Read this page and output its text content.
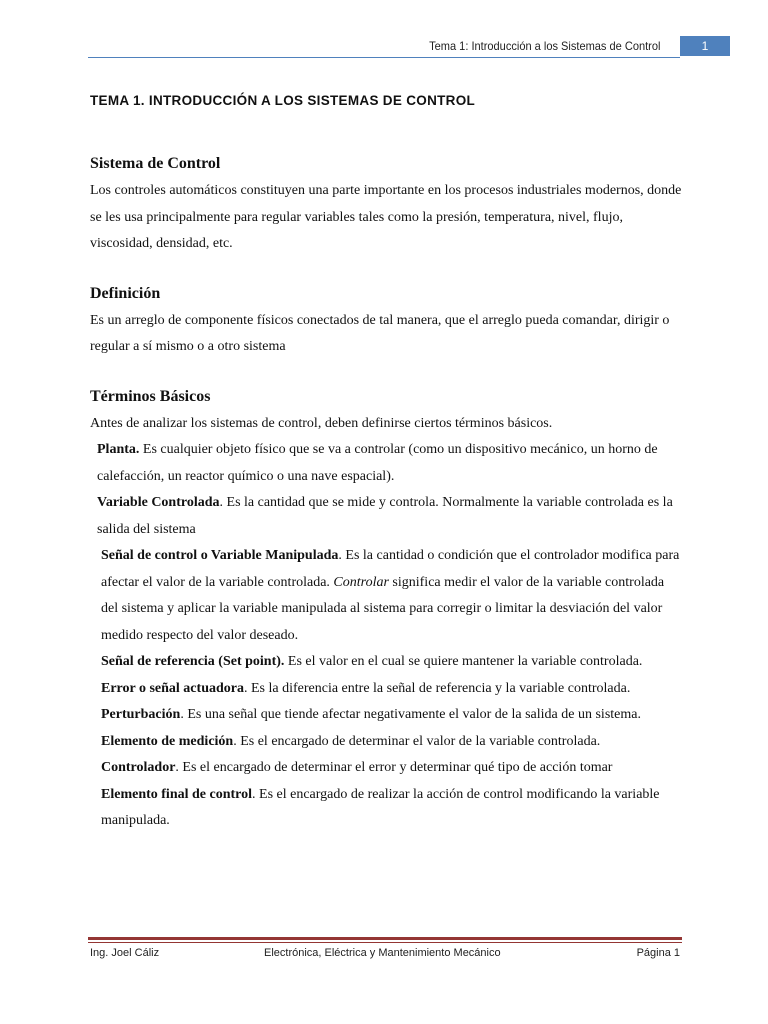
Tema 1: Introducción a los Sistemas de Control	1
TEMA 1. INTRODUCCIÓN A LOS SISTEMAS DE CONTROL
Sistema de Control

Los controles automáticos constituyen una parte importante en los procesos industriales modernos, donde se les usa principalmente para regular variables tales como la presión, temperatura, nivel, flujo, viscosidad, densidad, etc.

Definición

Es un arreglo de componente físicos conectados de tal manera, que el arreglo pueda comandar, dirigir o regular a sí mismo o a otro sistema

Términos Básicos

Antes de analizar los sistemas de control, deben definirse ciertos términos básicos.

Planta. Es cualquier objeto físico que se va a controlar (como un dispositivo mecánico, un horno de calefacción, un reactor químico o una nave espacial).

Variable Controlada. Es la cantidad que se mide y controla. Normalmente la variable controlada es la salida del sistema

Señal de control o Variable Manipulada. Es la cantidad o condición que el controlador modifica para afectar el valor de la variable controlada. Controlar significa medir el valor de la variable controlada del sistema y aplicar la variable manipulada al sistema para corregir o limitar la desviación del valor medido respecto del valor deseado.

Señal de referencia (Set point). Es el valor en el cual se quiere mantener la variable controlada.

Error o señal actuadora. Es la diferencia entre la señal de referencia y la variable controlada.

Perturbación. Es una señal que tiende afectar negativamente el valor de la salida de un sistema.

Elemento de medición. Es el encargado de determinar el valor de la variable controlada.

Controlador. Es el encargado de determinar el error y determinar qué tipo de acción tomar

Elemento final de control. Es el encargado de realizar la acción de control modificando la variable manipulada.

Ing. Joel Cáliz	Electrónica, Eléctrica y Mantenimiento Mecánico	Página 1
